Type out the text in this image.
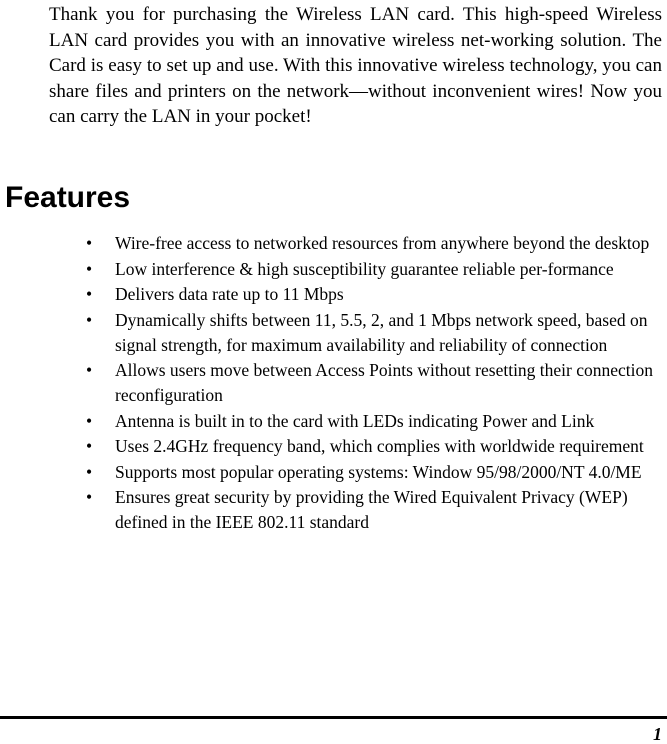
Thank you for purchasing the Wireless LAN card. This high-speed Wireless LAN card provides you with an innovative wireless net-working solution. The Card is easy to set up and use. With this innovative wireless technology, you can share files and printers on the network—without inconvenient wires! Now you can carry the LAN in your pocket!

Features
• Wire-free access to networked resources from anywhere beyond the desktop
• Low interference & high susceptibility guarantee reliable per-formance
• Delivers data rate up to 11 Mbps
• Dynamically shifts between 11, 5.5, 2, and 1 Mbps network speed, based on signal strength, for maximum availability and reliability of connection
• Allows users move between Access Points without resetting their connection reconfiguration
• Antenna is built in to the card with LEDs indicating Power and Link
• Uses 2.4GHz frequency band, which complies with worldwide requirement
• Supports most popular operating systems: Window 95/98/2000/NT 4.0/ME
• Ensures great security by providing the Wired Equivalent Privacy (WEP) defined in the IEEE 802.11 standard
1
